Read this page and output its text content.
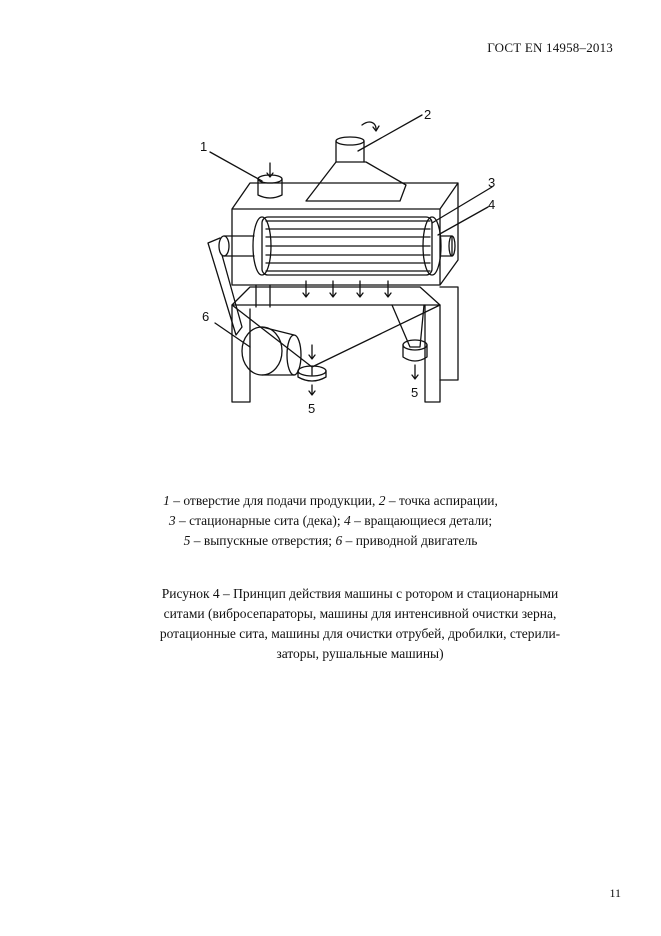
ГОСТ EN 14958–2013
1
2
3
4
5
5
6
1 – отверстие для подачи продукции, 2 – точка аспирации,
3 – стационарные сита (дека); 4 – вращающиеся детали;
5 – выпускные отверстия; 6 – приводной двигатель
Рисунок 4 – Принцип действия машины с ротором и стационарными
ситами (вибросепараторы, машины для интенсивной очистки зерна,
ротационные сита, машины для очистки отрубей, дробилки, стерили-
заторы, рушальные машины)
11
